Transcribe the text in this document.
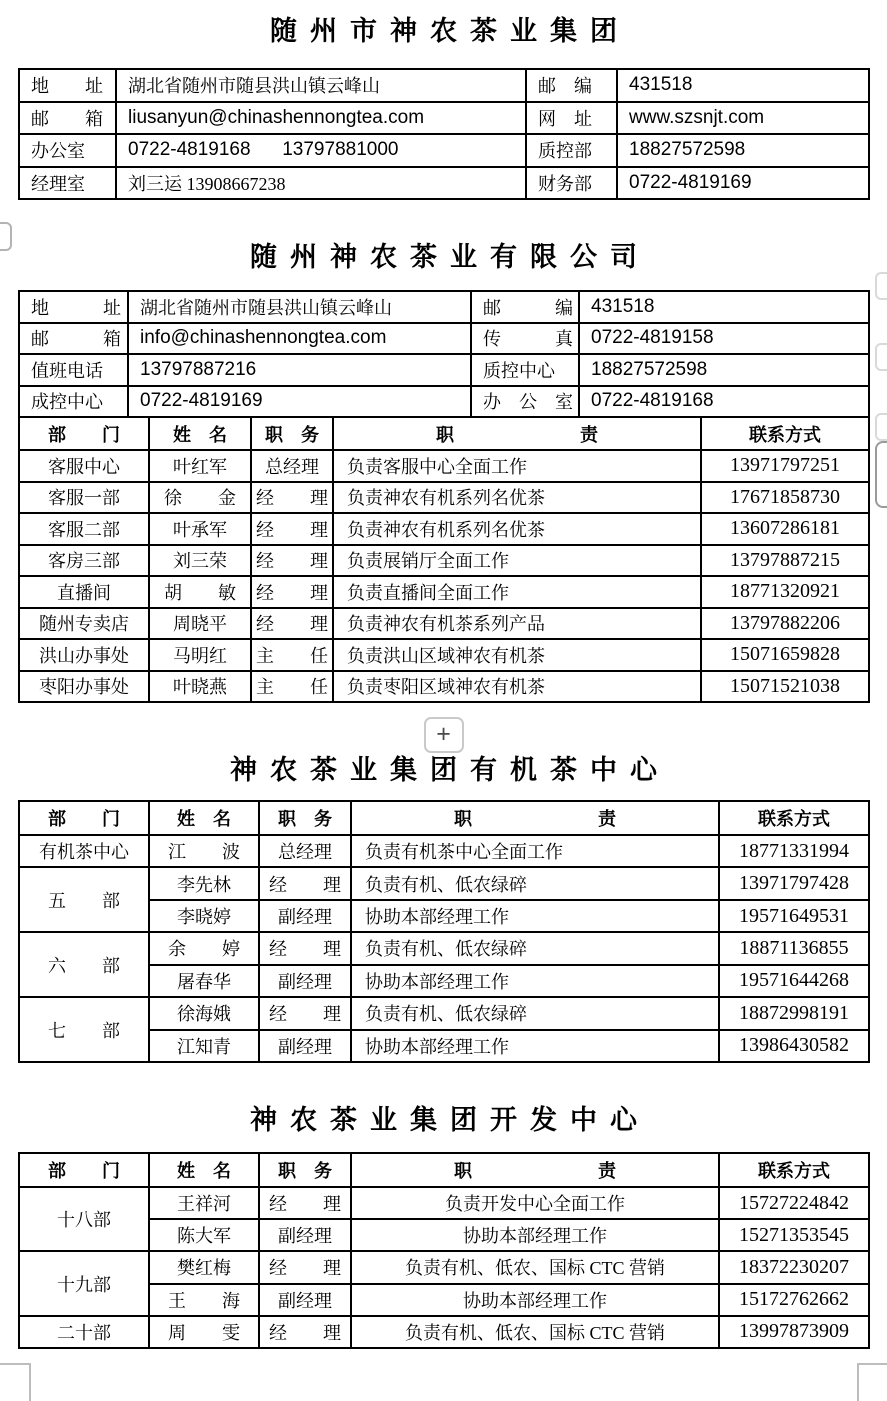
随州市神农茶业集团
地　　址	湖北省随州市随县洪山镇云峰山	邮　编	431518
邮　　箱	liusanyun@chinashennongtea.com	网　址	www.szsnjt.com
办公室	0722-4819168      13797881000	质控部	18827572598
经理室	刘三运 13908667238	财务部	0722-4819169
随州神农茶业有限公司
地　　　址	湖北省随州市随县洪山镇云峰山	邮　　　编	431518
邮　　　箱	info@chinashennongtea.com	传　　　真	0722-4819158
值班电话	13797887216	质控中心	18827572598
成控中心	0722-4819169	办　公　室	0722-4819168
部　　门	姓　名	职　务	职　　　　　　　责	联系方式
客服中心	叶红军	总经理	负责客服中心全面工作	13971797251
客服一部	徐　　金	经　　理	负责神农有机系列名优茶	17671858730
客服二部	叶承军	经　　理	负责神农有机系列名优茶	13607286181
客房三部	刘三荣	经　　理	负责展销厅全面工作	13797887215
直播间	胡　　敏	经　　理	负责直播间全面工作	18771320921
随州专卖店	周晓平	经　　理	负责神农有机茶系列产品	13797882206
洪山办事处	马明红	主　　任	负责洪山区域神农有机茶	15071659828
枣阳办事处	叶晓燕	主　　任	负责枣阳区域神农有机茶	15071521038
+
神农茶业集团有机茶中心
部　　门	姓　名	职　务	职　　　　　　　责	联系方式
有机茶中心	江　　波	总经理	负责有机茶中心全面工作	18771331994
五　　部	李先林	经　　理	负责有机、低农绿碎	13971797428
	李晓婷	副经理	协助本部经理工作	19571649531
六　　部	余　　婷	经　　理	负责有机、低农绿碎	18871136855
	屠春华	副经理	协助本部经理工作	19571644268
七　　部	徐海娥	经　　理	负责有机、低农绿碎	18872998191
	江知青	副经理	协助本部经理工作	13986430582
神农茶业集团开发中心
部　　门	姓　名	职　务	职　　　　　　　责	联系方式
十八部	王祥河	经　　理	负责开发中心全面工作	15727224842
	陈大军	副经理	协助本部经理工作	15271353545
十九部	樊红梅	经　　理	负责有机、低农、国标 CTC 营销	18372230207
	王　　海	副经理	协助本部经理工作	15172762662
二十部	周　　雯	经　　理	负责有机、低农、国标 CTC 营销	13997873909
